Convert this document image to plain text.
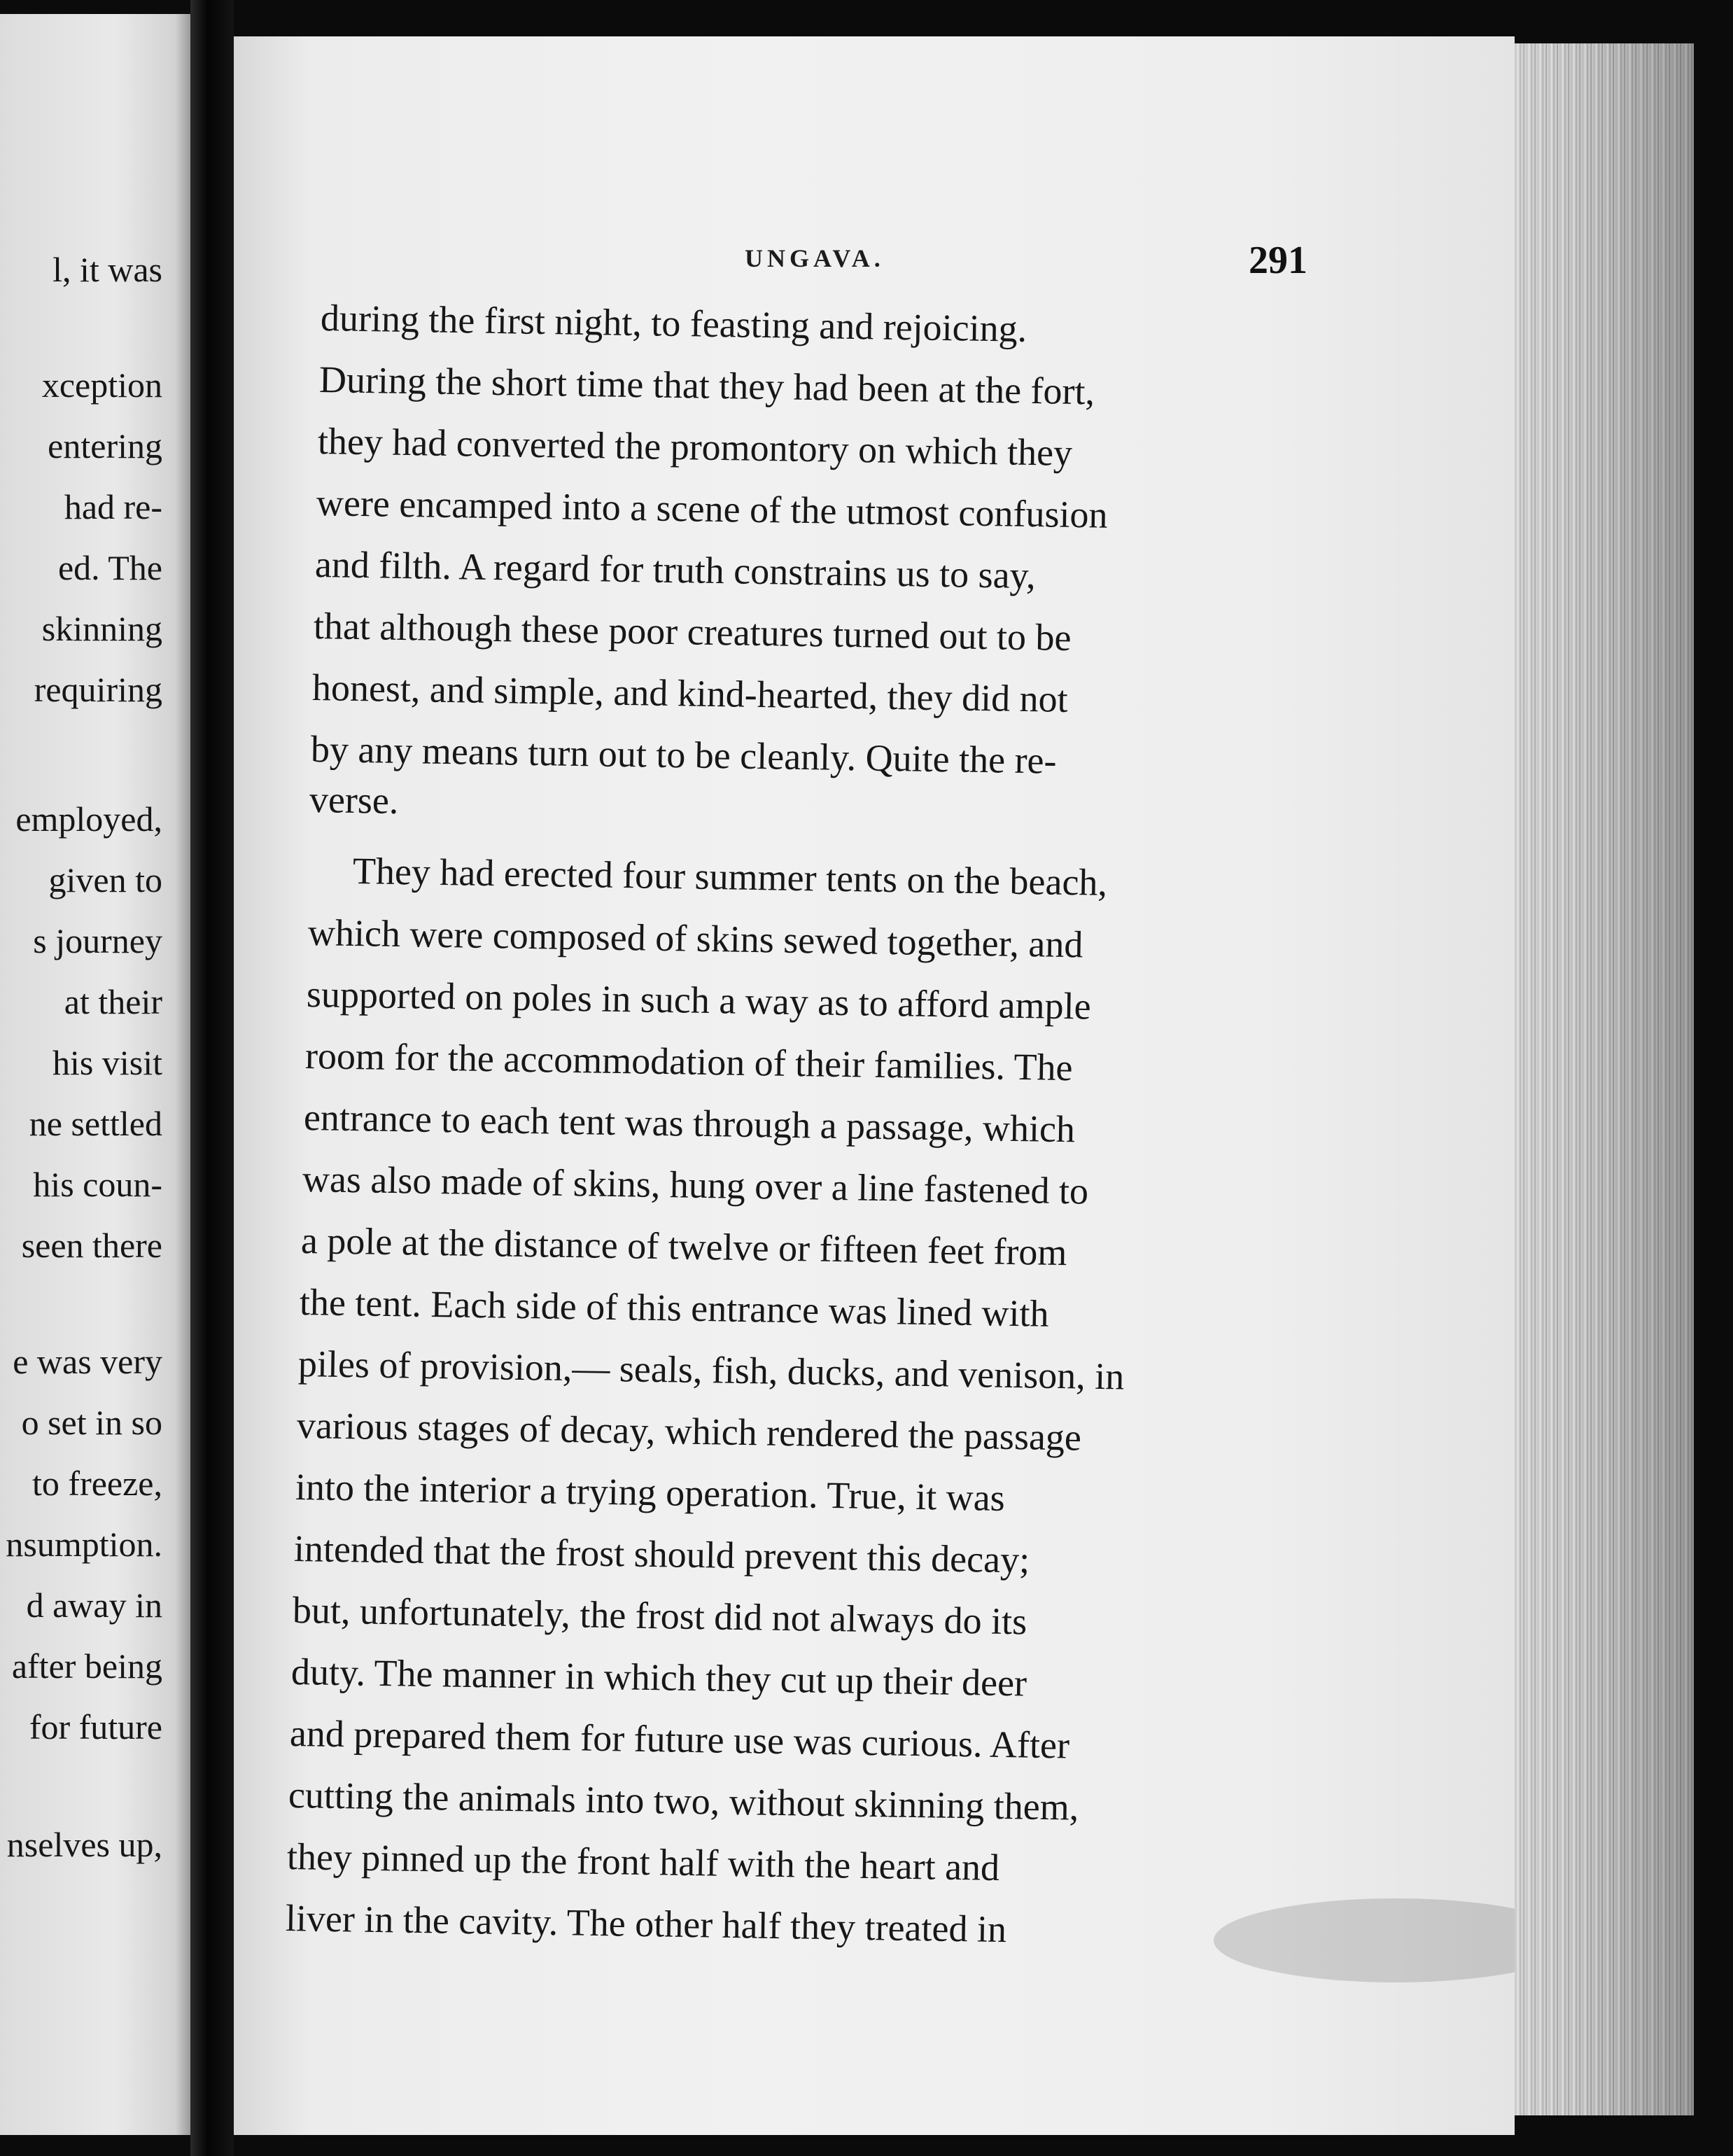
l, it was
xception
entering
had re-
ed. The
skinning
requiring
employed,
given to
s journey
at their
his visit
ne settled
his coun-
seen there
e was very
o set in so
to freeze,
nsumption.
d away in
after being
for future
nselves up,
UNGAVA.	291
during the first night, to feasting and rejoicing.
During the short time that they had been at the fort,
they had converted the promontory on which they
were encamped into a scene of the utmost confusion
and filth. A regard for truth constrains us to say,
that although these poor creatures turned out to be
honest, and simple, and kind-hearted, they did not
by any means turn out to be cleanly. Quite the re-
verse.
They had erected four summer tents on the beach,
which were composed of skins sewed together, and
supported on poles in such a way as to afford ample
room for the accommodation of their families. The
entrance to each tent was through a passage, which
was also made of skins, hung over a line fastened to
a pole at the distance of twelve or fifteen feet from
the tent. Each side of this entrance was lined with
piles of provision,— seals, fish, ducks, and venison, in
various stages of decay, which rendered the passage
into the interior a trying operation. True, it was
intended that the frost should prevent this decay;
but, unfortunately, the frost did not always do its
duty. The manner in which they cut up their deer
and prepared them for future use was curious. After
cutting the animals into two, without skinning them,
they pinned up the front half with the heart and
liver in the cavity. The other half they treated in
